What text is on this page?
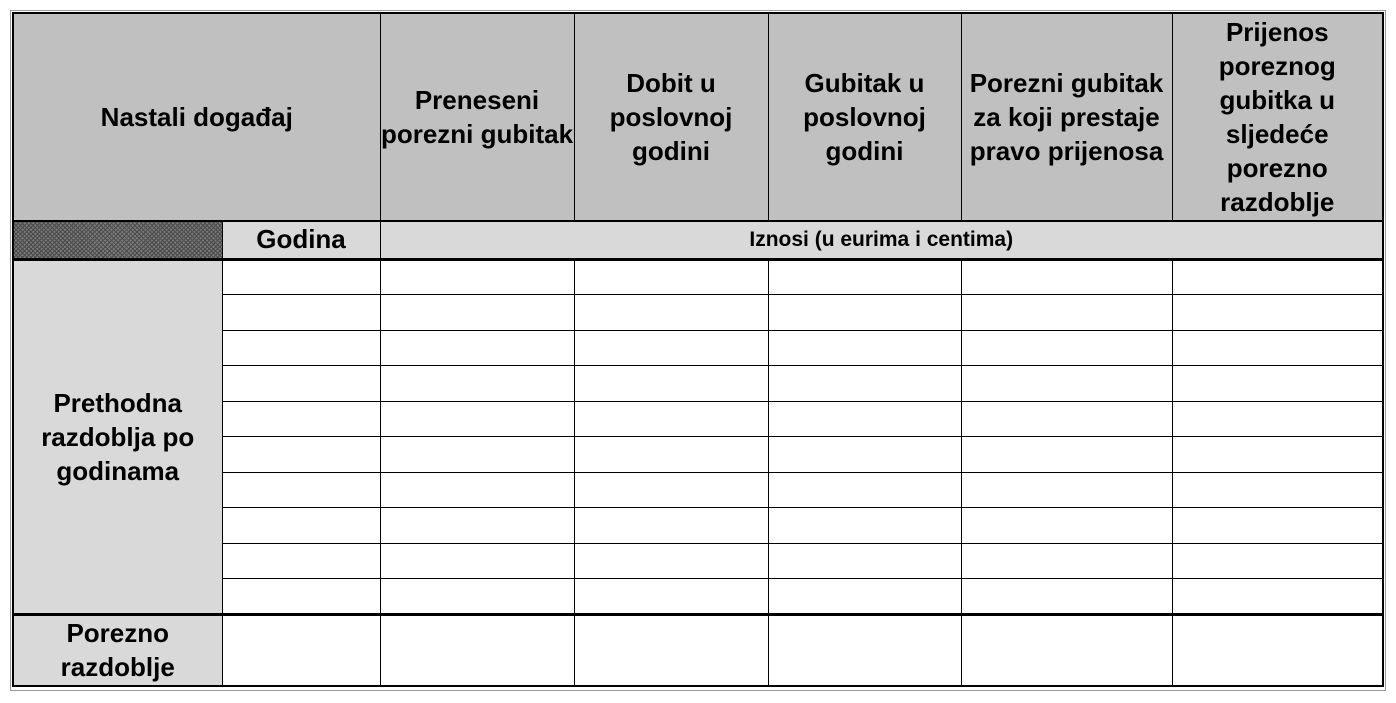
Nastali događaj		Preneseni porezni gubitak	Dobit u poslovnoj godini	Gubitak u poslovnoj godini	Porezni gubitak za koji prestaje pravo prijenosa	Prijenos poreznog gubitka u sljedeće porezno razdoblje
	Godina	Iznosi (u eurima i centima)				
Prethodna razdoblja po godinama						

Porezno razdoblje						
